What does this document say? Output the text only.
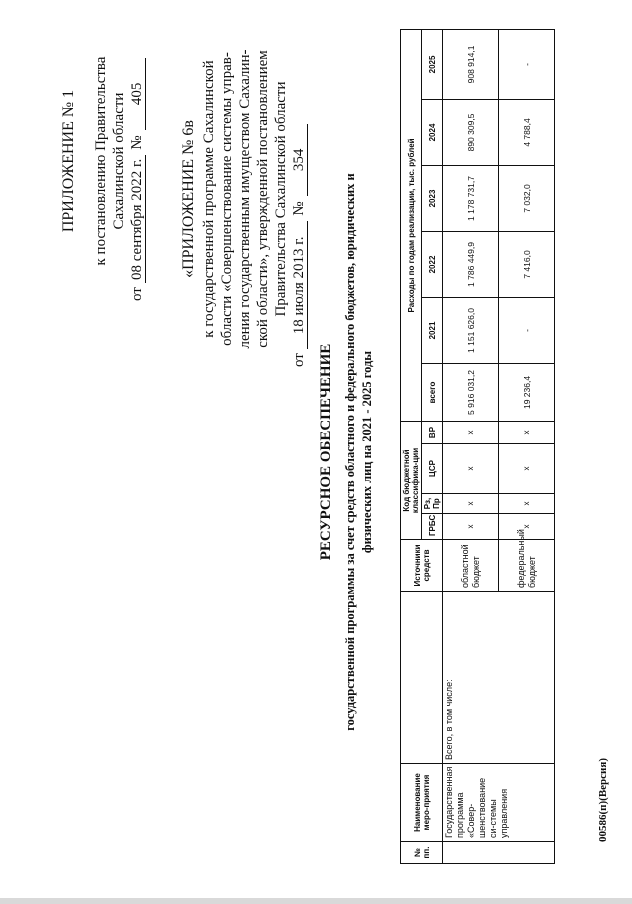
ПРИЛОЖЕНИЕ № 1 к постановлению Правительства Сахалинской области
от 08 сентября 2022 г. № 405
«ПРИЛОЖЕНИЕ № 6в к государственной программе Сахалинской области «Совершенствование системы управ- ления государственным имуществом Сахалин- ской области», утвержденной постановлением Правительства Сахалинской области
от 18 июля 2013 г. № 354
РЕСУРСНОЕ ОБЕСПЕЧЕНИЕ государственной программы за счет средств областного и федерального бюджетов, юридических и физических лиц на 2021 - 2025 годы
№ пп.	Наименование меро-приятия		Источники средств	Код бюджетной классифика-ции				Расходы по годам реализации, тыс. рублей					
				ГРБС	Рз, Пр	ЦСР	ВР	всего	2021	2022	2023	2024	2025
	Государственная программа «Совер-шенствование си-стемы управления	Всего, в том числе:	областной бюджет	х	х	х	х	5 916 031,2	1 151 626,0	1 786 449,9	1 178 731,7	890 309,5	908 914,1
			федеральный бюджет	х	х	х	х	19 236,4	-	7 416,0	7 032,0	4 788,4	-
00586(п)(Версия)
